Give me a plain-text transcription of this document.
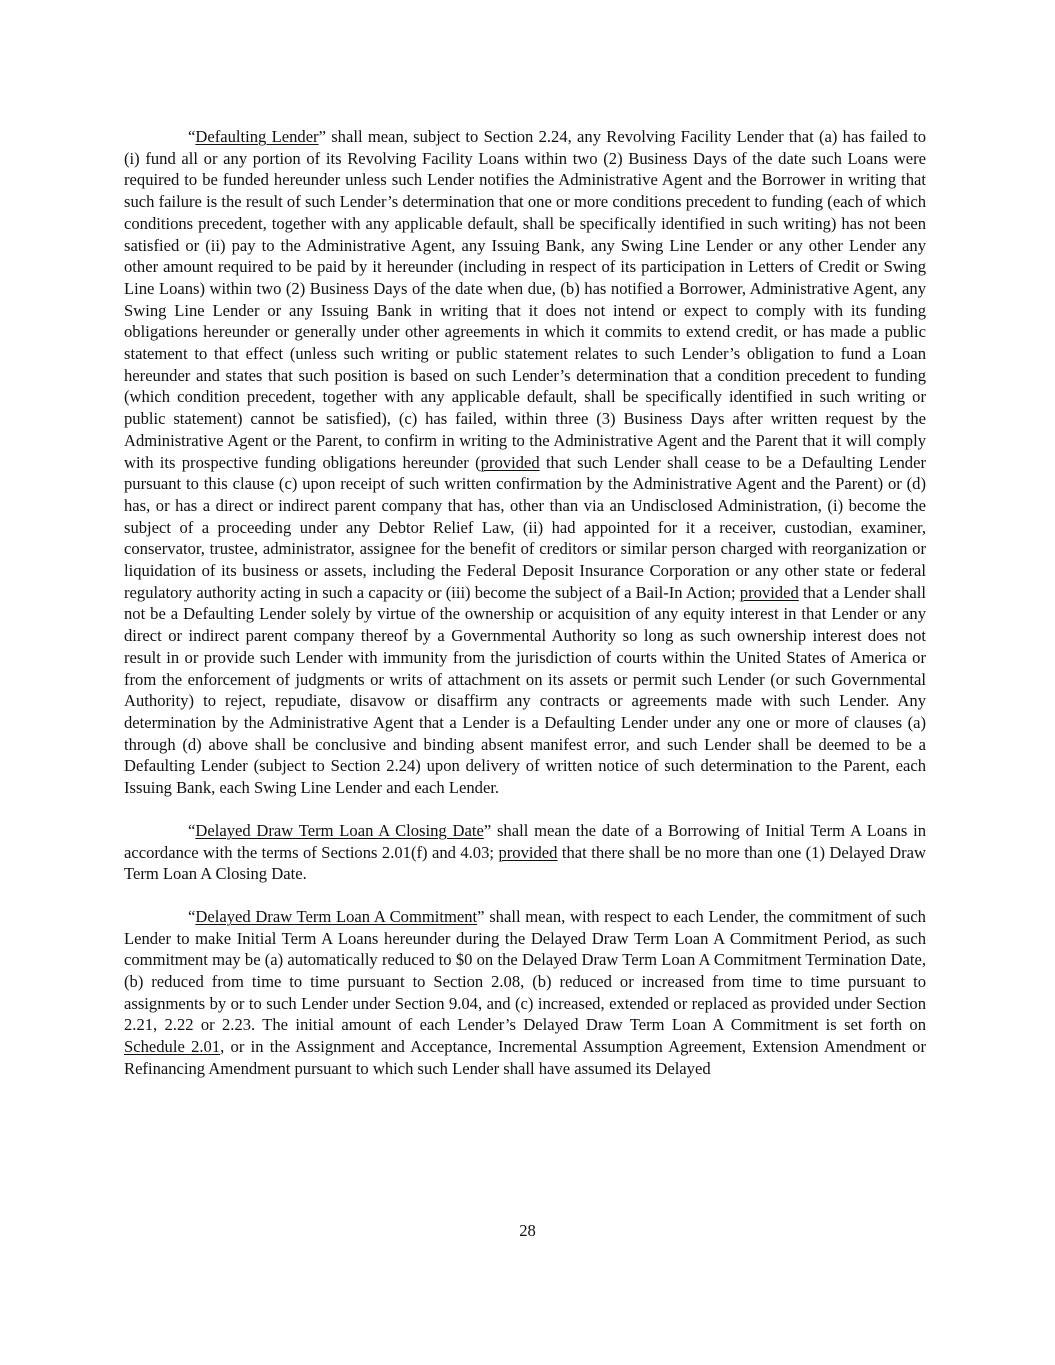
“Defaulting Lender” shall mean, subject to Section 2.24, any Revolving Facility Lender that (a) has failed to (i) fund all or any portion of its Revolving Facility Loans within two (2) Business Days of the date such Loans were required to be funded hereunder unless such Lender notifies the Administrative Agent and the Borrower in writing that such failure is the result of such Lender’s determination that one or more conditions precedent to funding (each of which conditions precedent, together with any applicable default, shall be specifically identified in such writing) has not been satisfied or (ii) pay to the Administrative Agent, any Issuing Bank, any Swing Line Lender or any other Lender any other amount required to be paid by it hereunder (including in respect of its participation in Letters of Credit or Swing Line Loans) within two (2) Business Days of the date when due, (b) has notified a Borrower, Administrative Agent, any Swing Line Lender or any Issuing Bank in writing that it does not intend or expect to comply with its funding obligations hereunder or generally under other agreements in which it commits to extend credit, or has made a public statement to that effect (unless such writing or public statement relates to such Lender’s obligation to fund a Loan hereunder and states that such position is based on such Lender’s determination that a condition precedent to funding (which condition precedent, together with any applicable default, shall be specifically identified in such writing or public statement) cannot be satisfied), (c) has failed, within three (3) Business Days after written request by the Administrative Agent or the Parent, to confirm in writing to the Administrative Agent and the Parent that it will comply with its prospective funding obligations hereunder (provided that such Lender shall cease to be a Defaulting Lender pursuant to this clause (c) upon receipt of such written confirmation by the Administrative Agent and the Parent) or (d) has, or has a direct or indirect parent company that has, other than via an Undisclosed Administration, (i) become the subject of a proceeding under any Debtor Relief Law, (ii) had appointed for it a receiver, custodian, examiner, conservator, trustee, administrator, assignee for the benefit of creditors or similar person charged with reorganization or liquidation of its business or assets, including the Federal Deposit Insurance Corporation or any other state or federal regulatory authority acting in such a capacity or (iii) become the subject of a Bail-In Action; provided that a Lender shall not be a Defaulting Lender solely by virtue of the ownership or acquisition of any equity interest in that Lender or any direct or indirect parent company thereof by a Governmental Authority so long as such ownership interest does not result in or provide such Lender with immunity from the jurisdiction of courts within the United States of America or from the enforcement of judgments or writs of attachment on its assets or permit such Lender (or such Governmental Authority) to reject, repudiate, disavow or disaffirm any contracts or agreements made with such Lender. Any determination by the Administrative Agent that a Lender is a Defaulting Lender under any one or more of clauses (a) through (d) above shall be conclusive and binding absent manifest error, and such Lender shall be deemed to be a Defaulting Lender (subject to Section 2.24) upon delivery of written notice of such determination to the Parent, each Issuing Bank, each Swing Line Lender and each Lender.

“Delayed Draw Term Loan A Closing Date” shall mean the date of a Borrowing of Initial Term A Loans in accordance with the terms of Sections 2.01(f) and 4.03; provided that there shall be no more than one (1) Delayed Draw Term Loan A Closing Date.

“Delayed Draw Term Loan A Commitment” shall mean, with respect to each Lender, the commitment of such Lender to make Initial Term A Loans hereunder during the Delayed Draw Term Loan A Commitment Period, as such commitment may be (a) automatically reduced to $0 on the Delayed Draw Term Loan A Commitment Termination Date, (b) reduced from time to time pursuant to Section 2.08, (b) reduced or increased from time to time pursuant to assignments by or to such Lender under Section 9.04, and (c) increased, extended or replaced as provided under Section 2.21, 2.22 or 2.23. The initial amount of each Lender’s Delayed Draw Term Loan A Commitment is set forth on Schedule 2.01, or in the Assignment and Acceptance, Incremental Assumption Agreement, Extension Amendment or Refinancing Amendment pursuant to which such Lender shall have assumed its Delayed

28
